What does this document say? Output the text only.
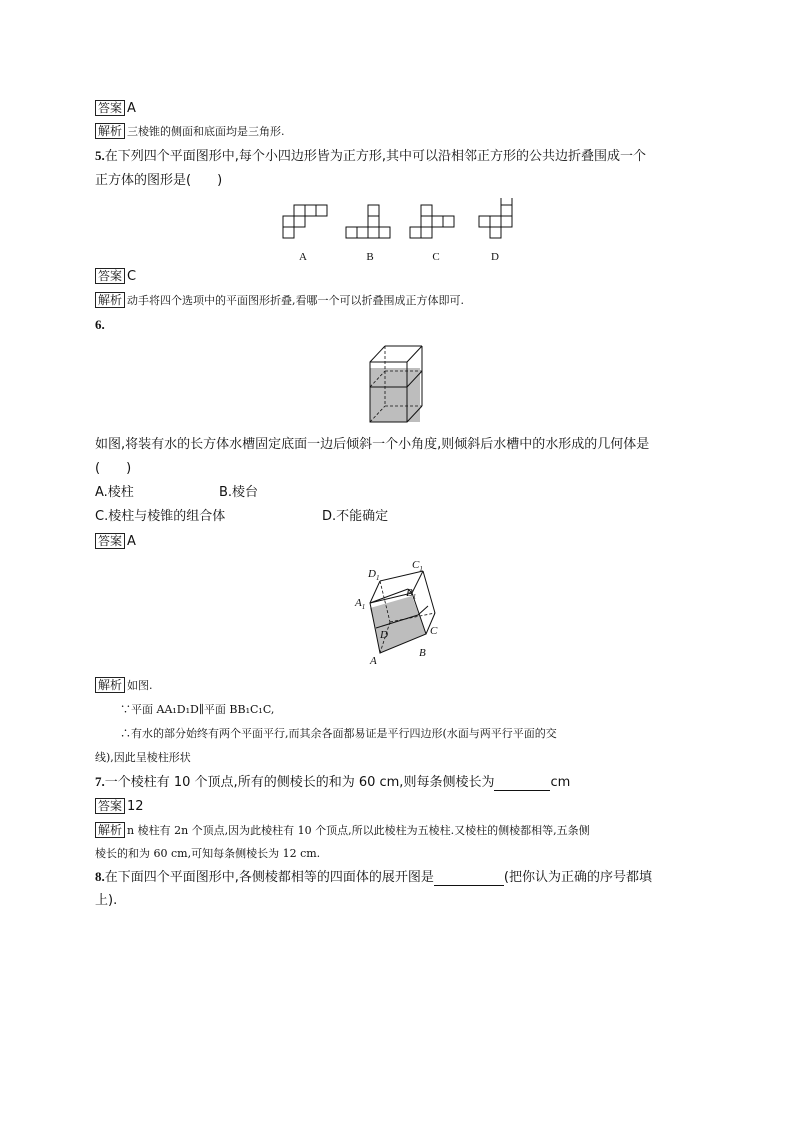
答案 A
解析 三棱锥的侧面和底面均是三角形.
5.在下列四个平面图形中,每个小四边形皆为正方形,其中可以沿相邻正方形的公共边折叠围成一个
正方体的图形是(　　)
A	B	C	D
答案 C
解析 动手将四个选项中的平面图形折叠,看哪一个可以折叠围成正方体即可.
6.
如图,将装有水的长方体水槽固定底面一边后倾斜一个小角度,则倾斜后水槽中的水形成的几何体是
(　　)
A.棱柱	B.棱台
C.棱柱与棱锥的组合体	D.不能确定
答案 A
$D_1$
$C_1$
$A_1$
$B_1$
D	C
A
B
解析 如图.
∵平面 AA₁D₁D∥平面 BB₁C₁C,
∴有水的部分始终有两个平面平行,而其余各面都易证是平行四边形(水面与两平行平面的交
线),因此呈棱柱形状
7.一个棱柱有 10 个顶点,所有的侧棱长的和为 60 cm,则每条侧棱长为	cm
答案 12
解析 n 棱柱有 2n 个顶点,因为此棱柱有 10 个顶点,所以此棱柱为五棱柱.又棱柱的侧棱都相等,五条侧
棱长的和为 60 cm,可知每条侧棱长为 12 cm.
8.在下面四个平面图形中,各侧棱都相等的四面体的展开图是	(把你认为正确的序号都填
上).
